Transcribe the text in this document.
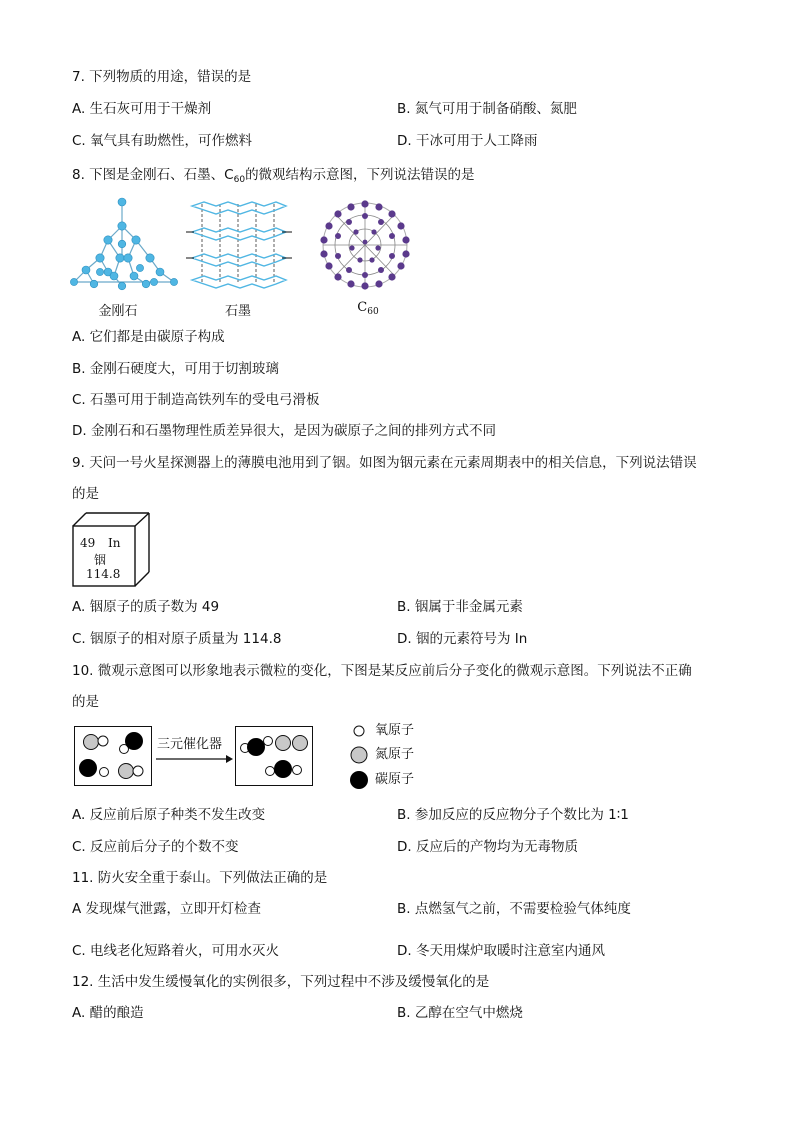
7. 下列物质的用途，错误的是
A. 生石灰可用于干燥剂	B. 氮气可用于制备硝酸、氮肥
C. 氧气具有助燃性，可作燃料	D. 干冰可用于人工降雨
8. 下图是金刚石、石墨、$C_{60}$的微观结构示意图，下列说法错误的是
金刚石	石墨	$C_{60}$
A. 它们都是由碳原子构成
B. 金刚石硬度大，可用于切割玻璃
C. 石墨可用于制造高铁列车的受电弓滑板
D. 金刚石和石墨物理性质差异很大，是因为碳原子之间的排列方式不同
9. 天问一号火星探测器上的薄膜电池用到了铟。如图为铟元素在元素周期表中的相关信息，下列说法错误
的是
49 In
铟
114.8
A. 铟原子的质子数为 49	B. 铟属于非金属元素
C. 铟原子的相对原子质量为 114.8	D. 铟的元素符号为 In
10. 微观示意图可以形象地表示微粒的变化，下图是某反应前后分子变化的微观示意图。下列说法不正确
的是
三元催化器
氧原子
氮原子
碳原子
A. 反应前后原子种类不发生改变	B. 参加反应的反应物分子个数比为 1∶1
C. 反应前后分子的个数不变	D. 反应后的产物均为无毒物质
11. 防火安全重于泰山。下列做法正确的是
A 发现煤气泄露，立即开灯检查	B. 点燃氢气之前，不需要检验气体纯度
C. 电线老化短路着火，可用水灭火	D. 冬天用煤炉取暖时注意室内通风
12. 生活中发生缓慢氧化的实例很多，下列过程中不涉及缓慢氧化的是
A. 醋的酿造	B. 乙醇在空气中燃烧
